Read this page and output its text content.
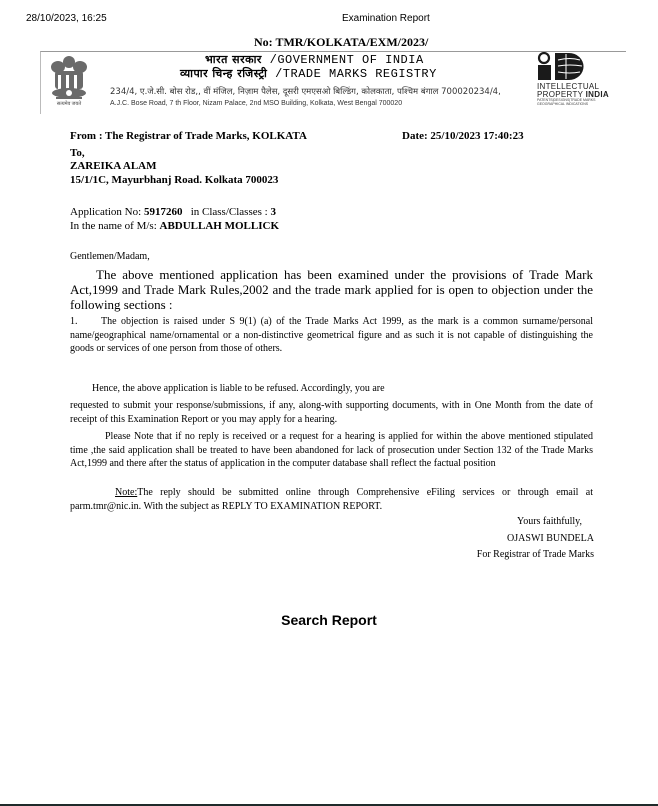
28/10/2023, 16:25	Examination Report
No: TMR/KOLKATA/EXM/2023/
सत्यमेव जयते
भारत सरकार /GOVERNMENT OF INDIA
व्यापार चिन्ह रजिस्ट्री /TRADE MARKS REGISTRY
234/4, ए.जे.सी. बोस रोड,, वीं मंजिल, निज़ाम पैलेस, दूसरी एमएसओ बिल्डिंग, कोलकाता, पश्चिम बंगाल 700020234/4,
A.J.C. Bose Road, 7 th Floor, Nizam Palace, 2nd MSO Building, Kolkata, West Bengal 700020
INTELLECTUAL
PROPERTY INDIA
PATENTS|DESIGNS|TRADE MARKS GEOGRAPHICAL INDICATIONS
From : The Registrar of Trade Marks, KOLKATA	Date: 25/10/2023 17:40:23
To,
ZAREIKA ALAM
15/1/1C, Mayurbhanj Road. Kolkata 700023
Application No: 5917260   in Class/Classes : 3
In the name of M/s: ABDULLAH MOLLICK
Gentlemen/Madam,
The above mentioned application has been examined under the provisions of Trade Mark Act,1999 and Trade Mark Rules,2002 and the trade mark applied for is open to objection under the following sections :
1. The objection is raised under S 9(1) (a) of the Trade Marks Act 1999, as the mark is a common surname/personal name/geographical name/ornamental or a non-distinctive geometrical figure and as such it is not capable of distinguishing the goods or services of one person from those of others.
Hence, the above application is liable to be refused. Accordingly, you are
requested to submit your response/submissions, if any, along-with supporting documents, with in One Month from the date of receipt of this Examination Report or you may apply for a hearing.
Please Note that if no reply is received or a request for a hearing is applied for within the above mentioned stipulated time ,the said application shall be treated to have been abandoned for lack of prosecution under Section 132 of the Trade Marks Act,1999 and there after the status of application in the computer database shall reflect the factual position
Note:The reply should be submitted online through Comprehensive eFiling services or through email at parm.tmr@nic.in. With the subject as REPLY TO EXAMINATION REPORT.
Yours faithfully,
OJASWI BUNDELA
For Registrar of Trade Marks
Search Report
